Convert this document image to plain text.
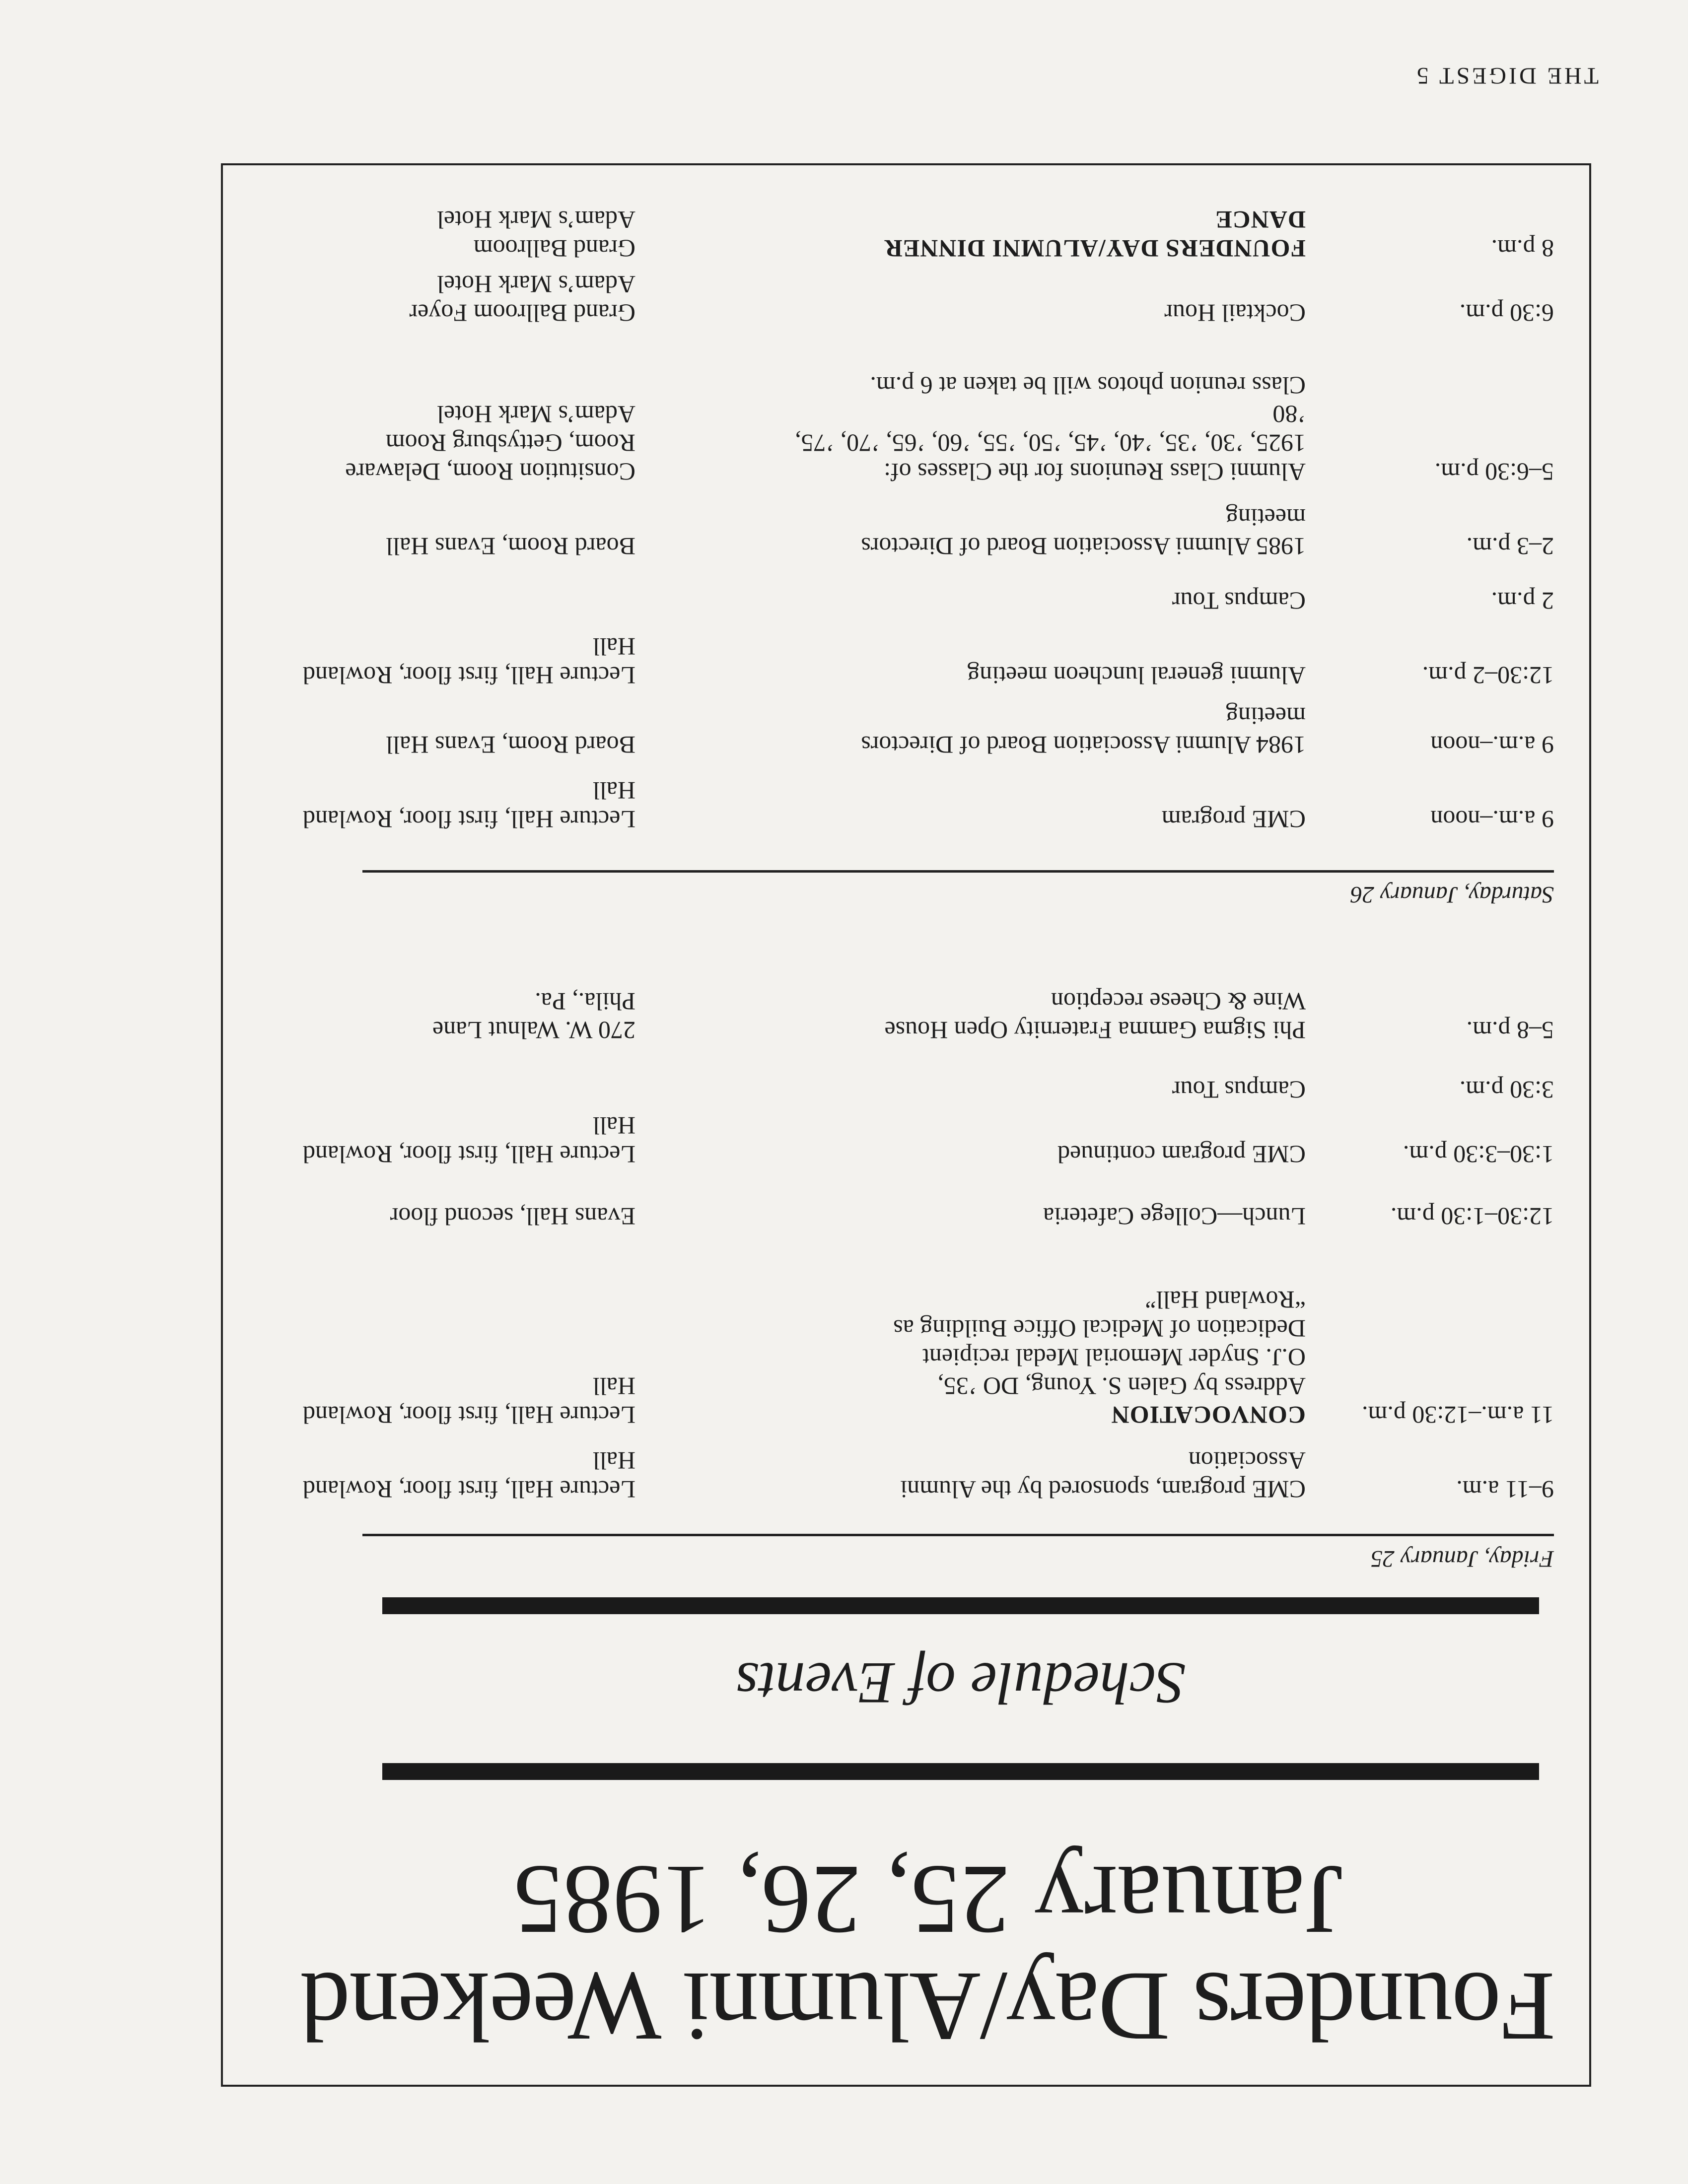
Founders Day/Alumni Weekend
January 25, 26, 1985
Schedule of Events
Friday, January 25
9–11 a.m.
CME program, sponsored by the Alumni
Association
Lecture Hall, first floor, Rowland
Hall
11 a.m.–12:30 p.m.
CONVOCATION
Address by Galen S. Young, DO ’35,
O.J. Snyder Memorial Medal recipient
Dedication of Medical Office Building as
“Rowland Hall”
Lecture Hall, first floor, Rowland
Hall
12:30–1:30 p.m.
Lunch—College Cafeteria
Evans Hall, second floor
1:30–3:30 p.m.
CME program continued
Lecture Hall, first floor, Rowland
Hall
3:30 p.m.
Campus Tour
5–8 p.m.
Phi Sigma Gamma Fraternity Open House
Wine & Cheese reception
270 W. Walnut Lane
Phila., Pa.
Saturday, January 26
9 a.m.–noon
CME program
Lecture Hall, first floor, Rowland
Hall
9 a.m.–noon
1984 Alumni Association Board of Directors
meeting
Board Room, Evans Hall
12:30–2 p.m.
Alumni general luncheon meeting
Lecture Hall, first floor, Rowland
Hall
2 p.m.
Campus Tour
2–3 p.m.
1985 Alumni Association Board of Directors
meeting
Board Room, Evans Hall
5–6:30 p.m.
Alumni Class Reunions for the Classes of:
1925, ’30, ’35, ’40, ’45, ’50, ’55, ’60, ’65, ’70, ’75,
’80
Class reunion photos will be taken at 6 p.m.
Consitution Room, Delaware
Room, Gettysburg Room
Adam’s Mark Hotel
6:30 p.m.
Cocktail Hour
Grand Ballroom Foyer
Adam’s Mark Hotel
8 p.m.
FOUNDERS DAY/ALUMNI DINNER
DANCE
Grand Ballroom
Adam’s Mark Hotel
THE DIGEST 5
